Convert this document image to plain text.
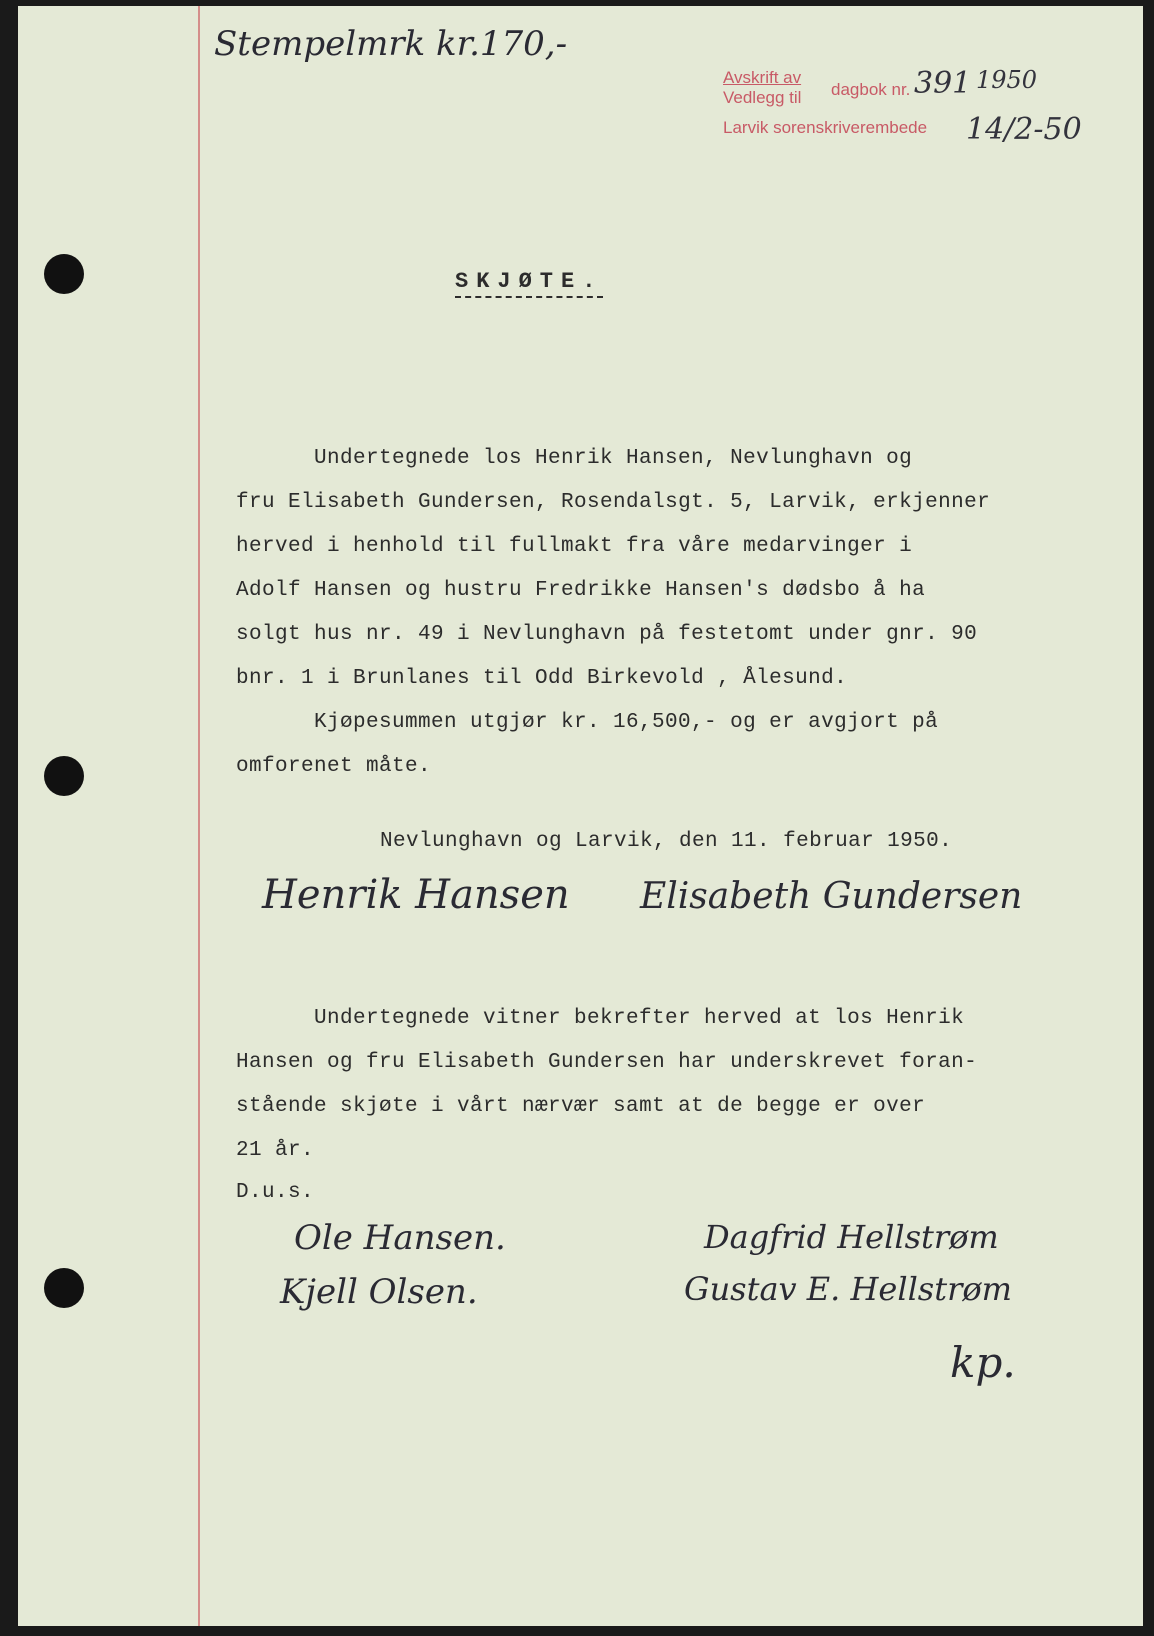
Stempelmrk kr.170,-
Avskrift av
dagbok nr.
Vedlegg til
Larvik sorenskriverembede
391 1950
14/2-50
SKJØTE.
Undertegnede los Henrik Hansen, Nevlunghavn og
fru Elisabeth Gundersen, Rosendalsgt. 5, Larvik, erkjenner
herved i henhold til fullmakt fra våre medarvinger i
Adolf Hansen og hustru Fredrikke Hansen's dødsbo å ha
solgt hus nr. 49 i Nevlunghavn på festetomt under gnr. 90
bnr. 1 i Brunlanes til Odd Birkevold , Ålesund.
Kjøpesummen utgjør kr. 16,500,- og er avgjort på
omforenet måte.
Nevlunghavn og Larvik, den 11. februar 1950.
Henrik Hansen Elisabeth Gundersen
Undertegnede vitner bekrefter herved at los Henrik
Hansen og fru Elisabeth Gundersen har underskrevet foran-
stående skjøte i vårt nærvær samt at de begge er over
21 år.
D.u.s.
Ole Hansen.
Kjell Olsen.
Dagfrid Hellstrøm
Gustav E. Hellstrøm
kp.
